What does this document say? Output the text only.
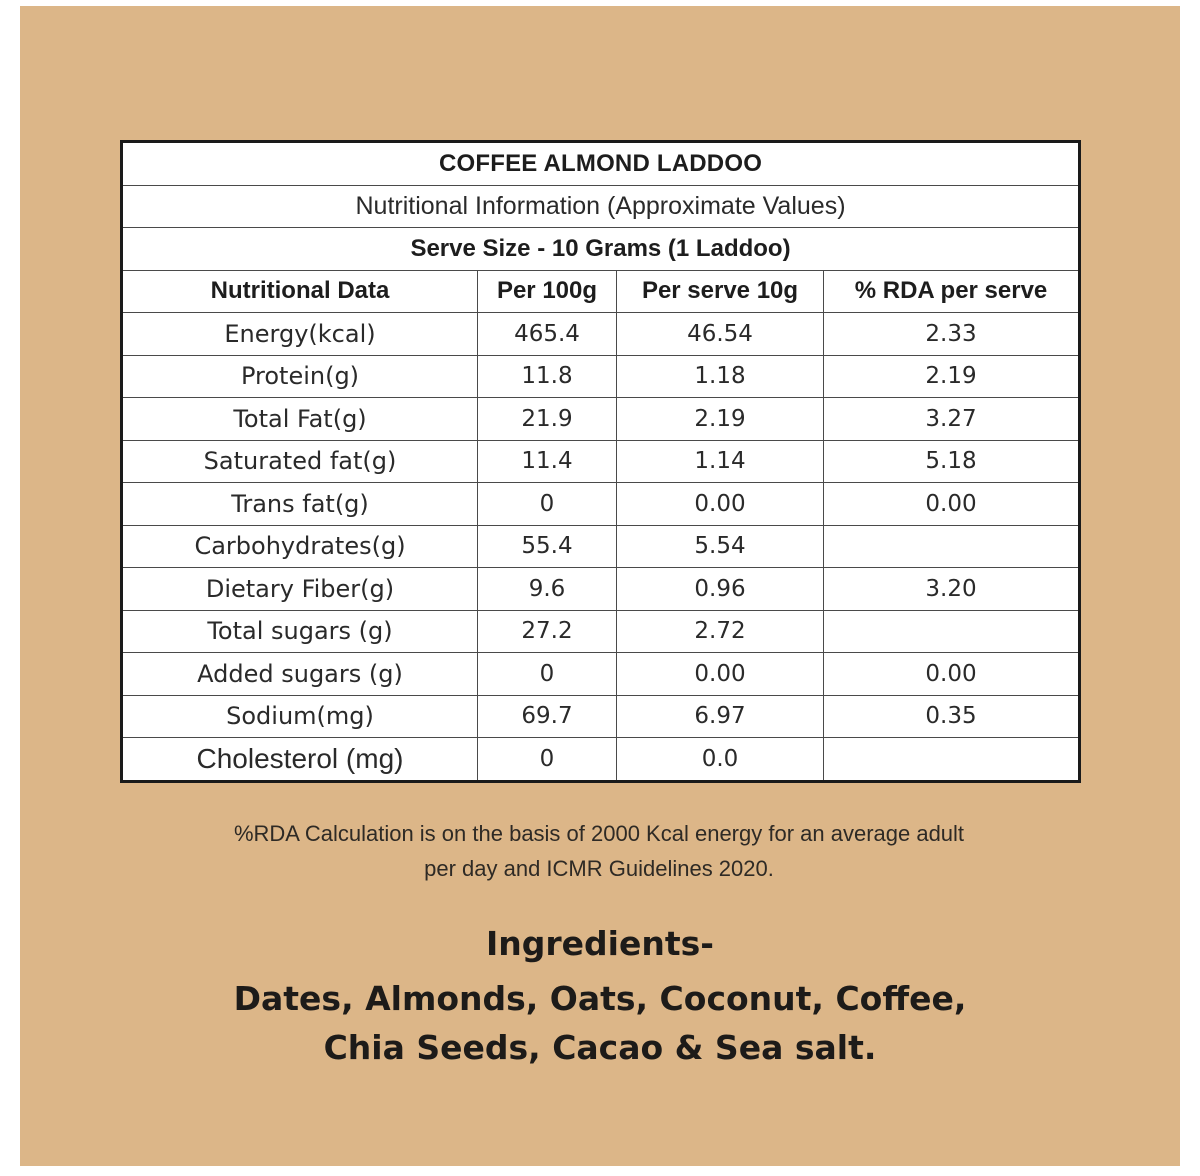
COFFEE ALMOND LADDOO			
Nutritional Information (Approximate Values)			
Serve Size - 10 Grams (1 Laddoo)			
Nutritional Data	Per 100g	Per serve 10g	% RDA per serve
Energy(kcal)	465.4	46.54	2.33
Protein(g)	11.8	1.18	2.19
Total Fat(g)	21.9	2.19	3.27
Saturated fat(g)	11.4	1.14	5.18
Trans fat(g)	0	0.00	0.00
Carbohydrates(g)	55.4	5.54	
Dietary Fiber(g)	9.6	0.96	3.20
Total sugars (g)	27.2	2.72	
Added sugars (g)	0	0.00	0.00
Sodium(mg)	69.7	6.97	0.35
Cholesterol (mg)	0	0.0	
%RDA Calculation is on the basis of 2000 Kcal energy for an average adult
per day and ICMR Guidelines 2020.
Ingredients-
Dates, Almonds, Oats, Coconut, Coffee,
Chia Seeds, Cacao & Sea salt.
